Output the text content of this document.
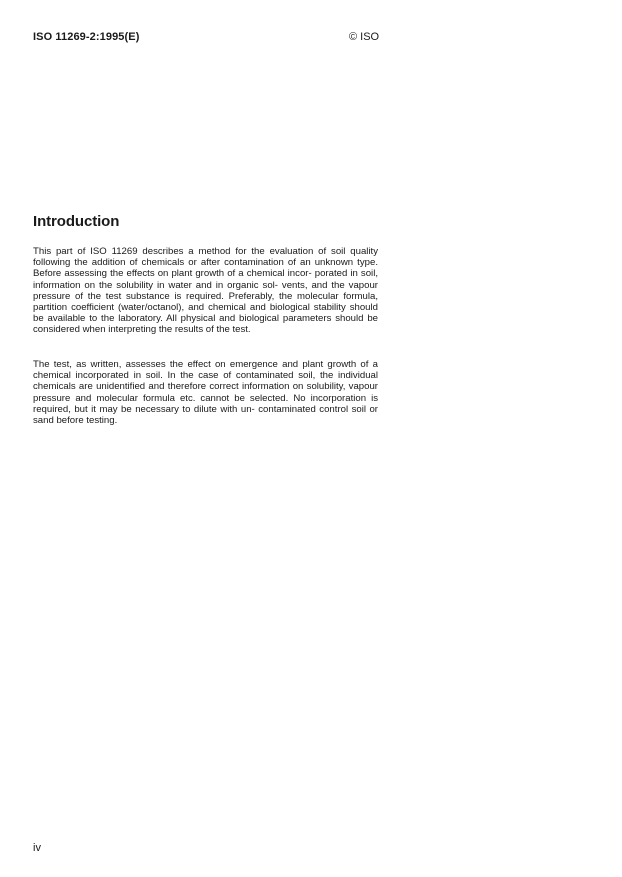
ISO 11269-2:1995(E)	© ISO
Introduction

This part of ISO 11269 describes a method for the evaluation of soil quality following the addition of chemicals or after contamination of an unknown type. Before assessing the effects on plant growth of a chemical incor- porated in soil, information on the solubility in water and in organic sol- vents, and the vapour pressure of the test substance is required. Preferably, the molecular formula, partition coefficient (water/octanol), and chemical and biological stability should be available to the laboratory. All physical and biological parameters should be considered when interpreting the results of the test.

The test, as written, assesses the effect on emergence and plant growth of a chemical incorporated in soil. In the case of contaminated soil, the individual chemicals are unidentified and therefore correct information on solubility, vapour pressure and molecular formula etc. cannot be selected. No incorporation is required, but it may be necessary to dilute with un- contaminated control soil or sand before testing.

iv
